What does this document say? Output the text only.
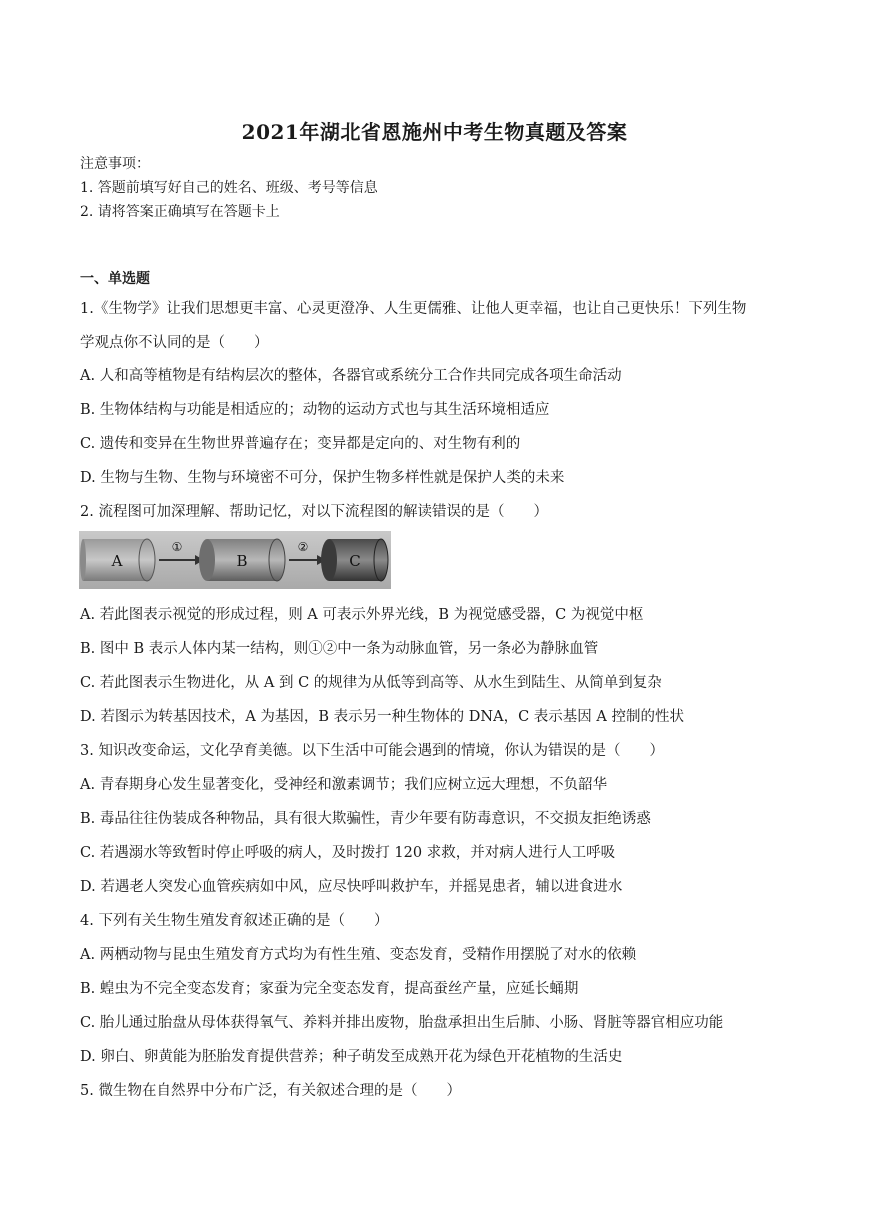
2021年湖北省恩施州中考生物真题及答案
注意事项：
1. 答题前填写好自己的姓名、班级、考号等信息
2. 请将答案正确填写在答题卡上
一、单选题
1.《生物学》让我们思想更丰富、心灵更澄净、人生更儒雅、让他人更幸福，也让自己更快乐！下列生物
学观点你不认同的是（　　）
A. 人和高等植物是有结构层次的整体，各器官或系统分工合作共同完成各项生命活动
B. 生物体结构与功能是相适应的；动物的运动方式也与其生活环境相适应
C. 遗传和变异在生物世界普遍存在；变异都是定向的、对生物有利的
D. 生物与生物、生物与环境密不可分，保护生物多样性就是保护人类的未来
2. 流程图可加深理解、帮助记忆，对以下流程图的解读错误的是（　　）
A
①
B
②
C
A. 若此图表示视觉的形成过程，则 A 可表示外界光线，B 为视觉感受器，C 为视觉中枢
B. 图中 B 表示人体内某一结构，则①②中一条为动脉血管，另一条必为静脉血管
C. 若此图表示生物进化，从 A 到 C 的规律为从低等到高等、从水生到陆生、从简单到复杂
D. 若图示为转基因技术，A 为基因，B 表示另一种生物体的 DNA，C 表示基因 A 控制的性状
3. 知识改变命运，文化孕育美德。以下生活中可能会遇到的情境，你认为错误的是（　　）
A. 青春期身心发生显著变化，受神经和激素调节；我们应树立远大理想，不负韶华
B. 毒品往往伪装成各种物品，具有很大欺骗性，青少年要有防毒意识，不交损友拒绝诱惑
C. 若遇溺水等致暂时停止呼吸的病人，及时拨打 120 求救，并对病人进行人工呼吸
D. 若遇老人突发心血管疾病如中风，应尽快呼叫救护车，并摇晃患者，辅以进食进水
4. 下列有关生物生殖发育叙述正确的是（　　）
A. 两栖动物与昆虫生殖发育方式均为有性生殖、变态发育，受精作用摆脱了对水的依赖
B. 蝗虫为不完全变态发育；家蚕为完全变态发育，提高蚕丝产量，应延长蛹期
C. 胎儿通过胎盘从母体获得氧气、养料并排出废物，胎盘承担出生后肺、小肠、肾脏等器官相应功能
D. 卵白、卵黄能为胚胎发育提供营养；种子萌发至成熟开花为绿色开花植物的生活史
5. 微生物在自然界中分布广泛，有关叙述合理的是（　　）
